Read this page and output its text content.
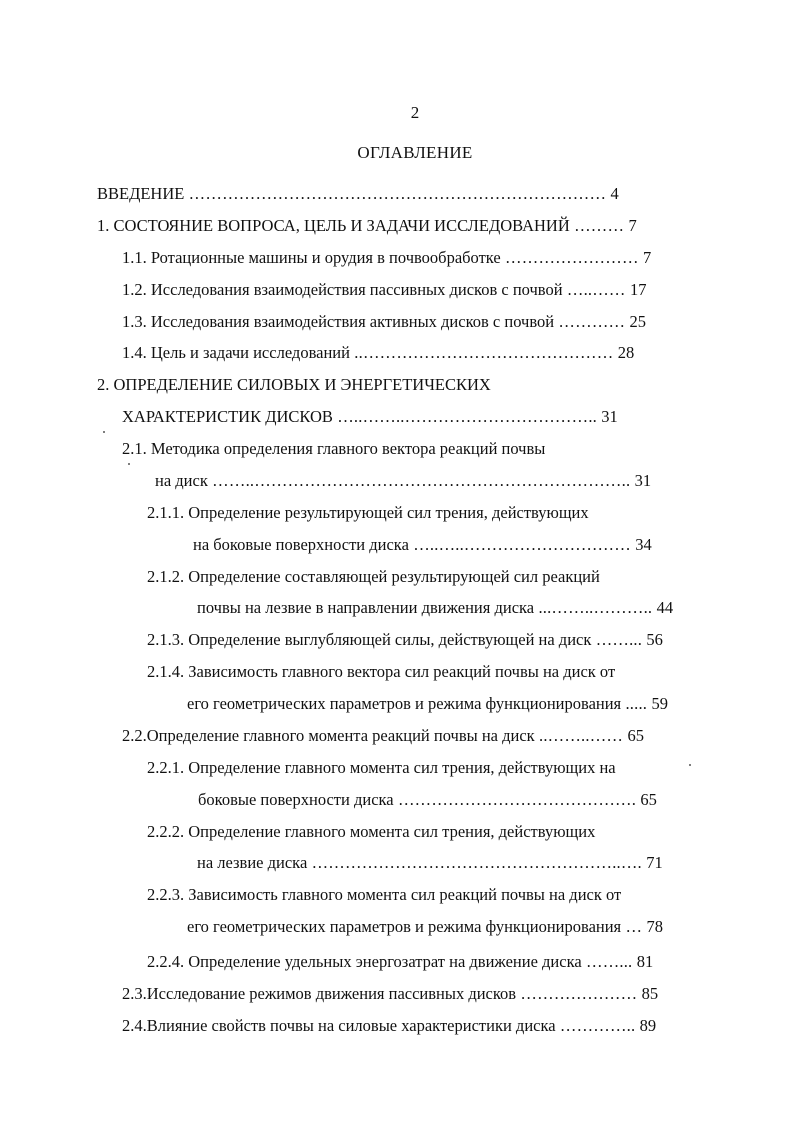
2
ОГЛАВЛЕНИЕ
ВВЕДЕНИЕ ………………………………………………………………… 4
1. СОСТОЯНИЕ ВОПРОСА, ЦЕЛЬ И ЗАДАЧИ ИССЛЕДОВАНИЙ ……… 7
1.1. Ротационные машины и орудия в почвообработке …………………… 7
1.2. Исследования взаимодействия пассивных дисков с почвой …..…… 17
1.3. Исследования взаимодействия активных дисков с почвой ………… 25
1.4. Цель и задачи исследований ..……………………………………… 28
2. ОПРЕДЕЛЕНИЕ СИЛОВЫХ И ЭНЕРГЕТИЧЕСКИХ
ХАРАКТЕРИСТИК ДИСКОВ …..……..…………………………….. 31
2.1. Методика определения главного вектора реакций почвы
на диск ……..………………………………………………………….. 31
2.1.1. Определение результирующей сил трения, действующих
на боковые поверхности диска …..…..………………………… 34
2.1.2. Определение составляющей результирующей сил реакций
почвы на лезвие в направлении движения диска ...……..……….. 44
2.1.3. Определение выглубляющей силы, действующей на диск ……... 56
2.1.4. Зависимость главного вектора сил реакций почвы на диск от
его геометрических параметров и режима функционирования ..... 59
2.2.Определение главного момента реакций почвы на диск ..……..…… 65
2.2.1. Определение главного момента сил трения, действующих на
боковые поверхности диска ……………………………………. 65
2.2.2. Определение главного момента сил трения, действующих
на лезвие диска ………………………………………………..…. 71
2.2.3. Зависимость главного момента сил реакций почвы на диск от
его геометрических параметров и режима функционирования … 78
2.2.4. Определение удельных энергозатрат на движение диска ……... 81
2.3.Исследование режимов движения пассивных дисков ………………… 85
2.4.Влияние свойств почвы на силовые характеристики диска ………….. 89
